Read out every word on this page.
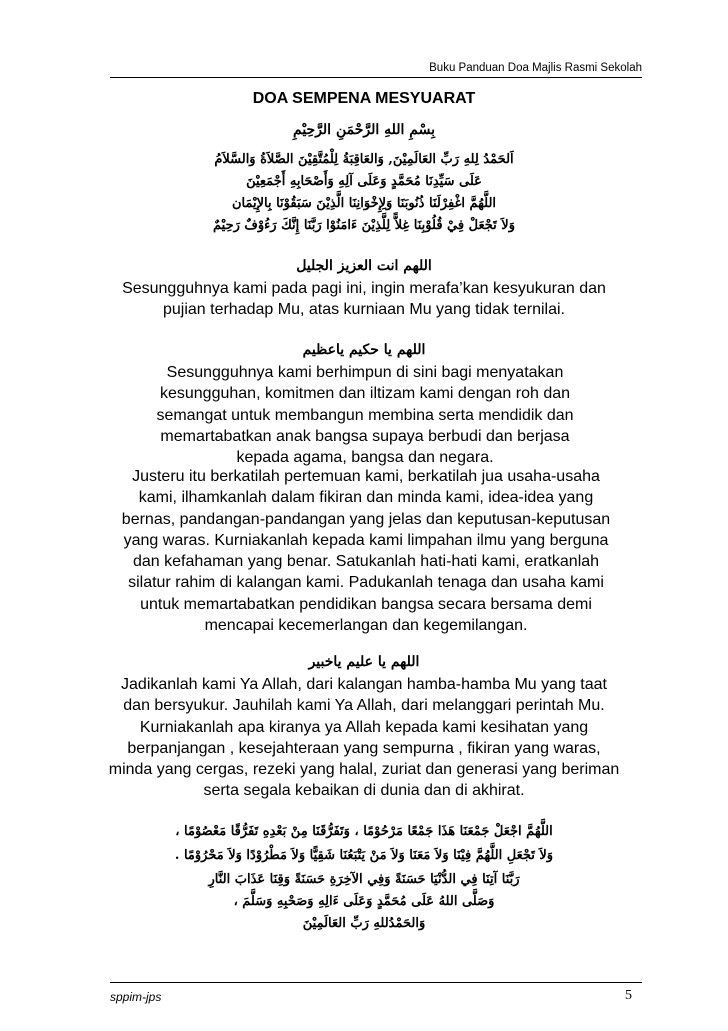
Buku Panduan Doa Majlis Rasmi Sekolah
DOA SEMPENA MESYUARAT
بِسْمِ اللهِ الرَّحْمَنِ الرَّحِيْمِ
اَلحَمْدُ لِلهِ رَبِّ العَالَمِيْنَ, وَالعَاقِبَةُ لِلْمُتَّقِيْنَ الصَّلاَةُ وَالسَّلاَمُ
عَلَى سَيِّدِنَا مُحَمَّدٍ وَعَلَى آلِهِ وَأَصْحَابِهِ أَجْمَعِيْنَ
اللَّهُمَّ اغْفِرْلَنَا ذُنُوبَنَا وَلِإِخْوَانِنَا الَّذِيْنَ سَبَقُوْنَا بِالإِيْمَان
وَلاَ تَجْعَلْ فِيْ قُلُوْبِنَا غِلاًّ لِلَّذِيْنَ ءَامَنُوْا رَبَّنَا إِنَّكَ رَءُوْفٌ رَحِيْمٌ
اللهم انت العزيز الجليل
Sesungguhnya kami pada pagi ini, ingin merafa’kan kesyukuran dan pujian terhadap Mu, atas kurniaan Mu yang tidak ternilai.
اللهم يا حكيم ياعظيم
Sesungguhnya kami berhimpun di sini bagi menyatakan kesungguhan, komitmen dan iltizam kami dengan roh dan semangat untuk membangun membina serta mendidik dan memartabatkan anak bangsa supaya berbudi dan berjasa kepada agama, bangsa dan negara.
Justeru itu berkatilah pertemuan kami, berkatilah jua usaha-usaha kami, ilhamkanlah dalam fikiran dan minda kami, idea-idea yang bernas, pandangan-pandangan yang jelas dan keputusan-keputusan yang waras. Kurniakanlah kepada kami limpahan ilmu yang berguna dan kefahaman yang benar. Satukanlah hati-hati kami, eratkanlah silatur rahim di kalangan kami. Padukanlah tenaga dan usaha kami untuk memartabatkan pendidikan bangsa secara bersama demi mencapai kecemerlangan dan kegemilangan.
اللهم يا عليم ياخبير
Jadikanlah kami Ya Allah, dari kalangan hamba-hamba Mu yang taat dan bersyukur. Jauhilah kami Ya Allah, dari melanggari perintah Mu. Kurniakanlah apa kiranya ya Allah kepada kami kesihatan yang berpanjangan , kesejahteraan yang sempurna , fikiran yang waras, minda yang cergas, rezeki yang halal, zuriat dan generasi yang beriman serta segala kebaikan di dunia dan di akhirat.
اللَّهُمَّ اجْعَلْ جَمْعَنَا هَذَا جَمْعًا مَرْحُوْمًا ، وَتَفَرُّقَنَا مِنْ بَعْدِهِ تَفَرُّقًا مَعْصُوْمًا ،
وَلاَ تَجْعَلِ اللَّهُمَّ فِيْنَا وَلاَ مَعَنَا وَلاَ مَنْ يَتْبَعُنَا شَقِيًّا وَلاَ مَطْرُوْدًا وَلاَ مَحْرُوْمًا .
رَبَّنَا آتِنَا فِي الدُّنْيَا حَسَنَةً وَفِي الآخِرَةِ حَسَنَةً وَقِنَا عَذَابَ النَّارِ
وَصَلَّى اللهُ عَلَى مُحَمَّدٍ وَعَلَى ءَالِهِ وَصَحْبِهِ وَسَلَّمَ ،
وَالحَمْدُللهِ رَبِّ العَالَمِيْنَ
sppim-jps	5
